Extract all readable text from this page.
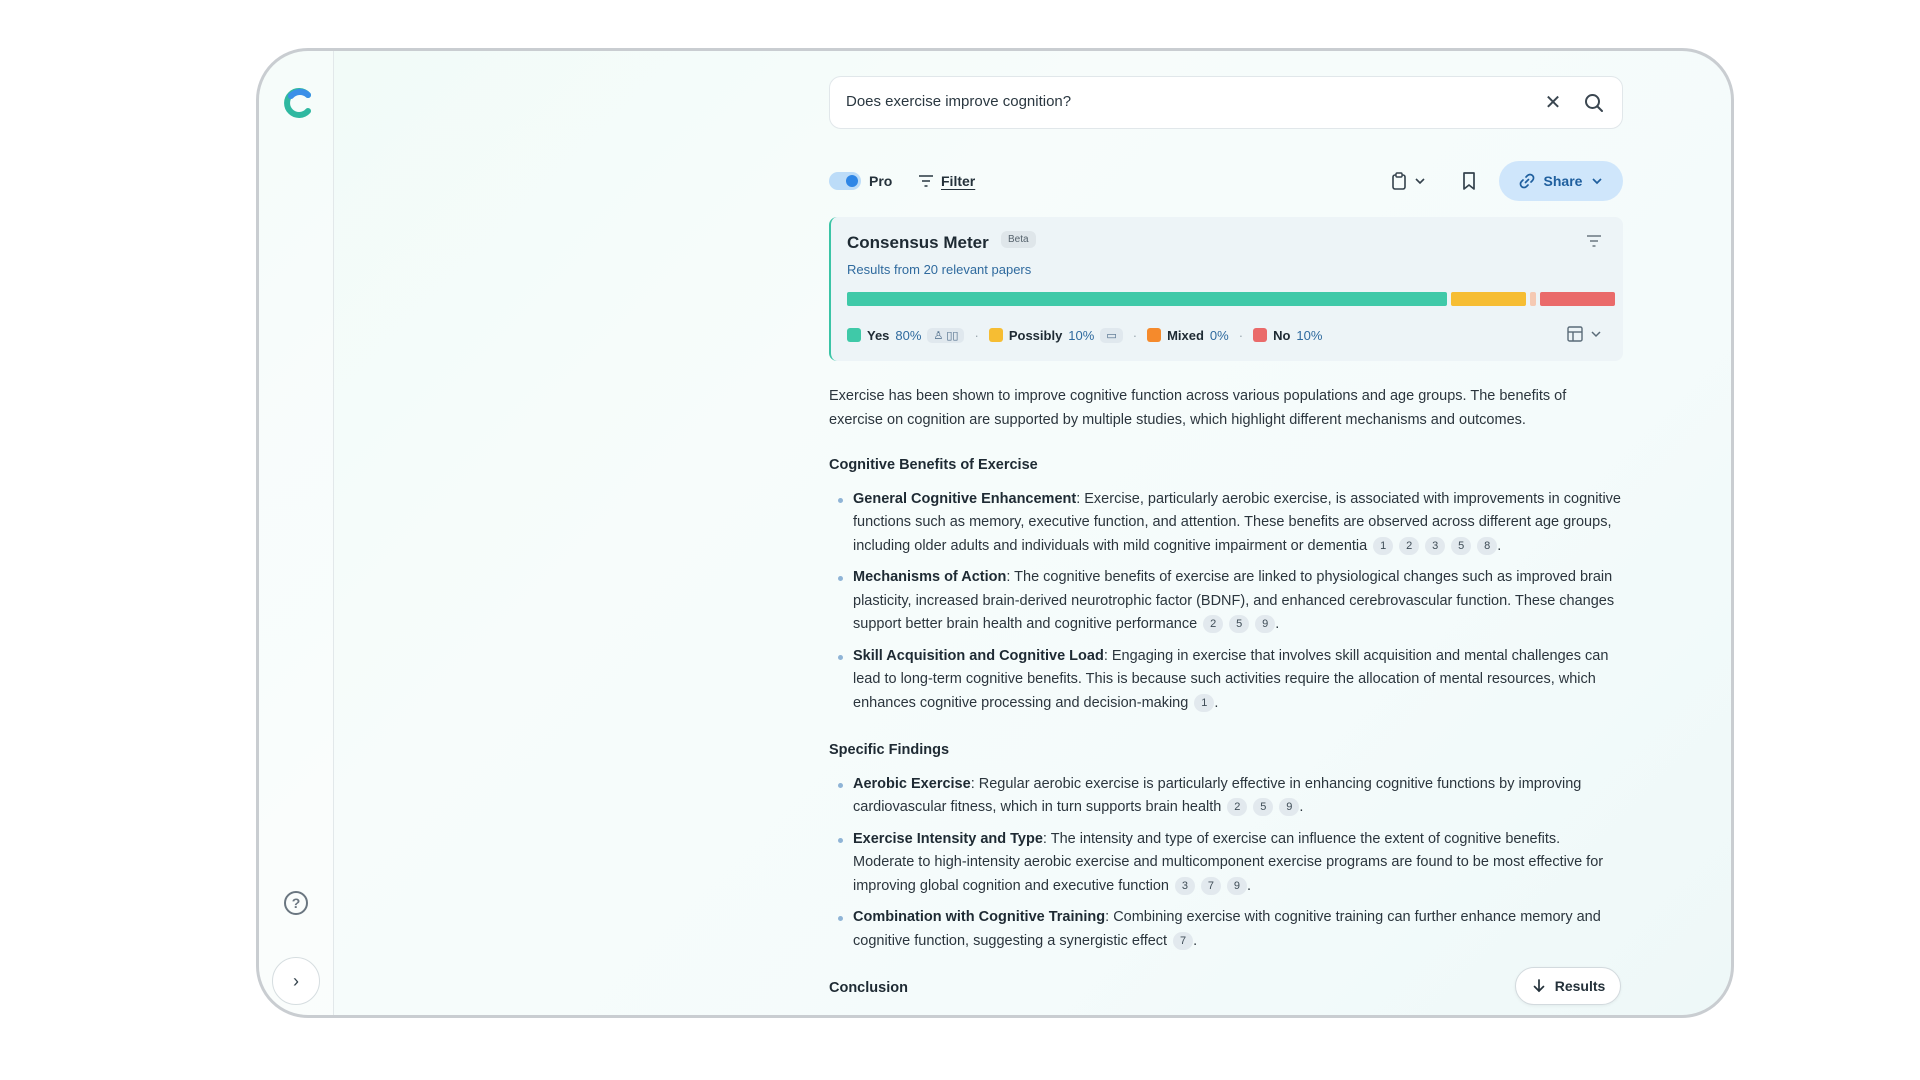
?
›
Does exercise improve cognition?	✕
Pro	Filter	Share
Consensus Meter	Beta
Results from 20 relevant papers
Yes 80%	♙ ▯▯	· Possibly 10%	▭	· Mixed 0% · No 10%

Exercise has been shown to improve cognitive function across various populations and age groups. The benefits of exercise on cognition are supported by multiple studies, which highlight different mechanisms and outcomes.

Cognitive Benefits of Exercise
General Cognitive Enhancement: Exercise, particularly aerobic exercise, is associated with improvements in cognitive functions such as memory, executive function, and attention. These benefits are observed across different age groups, including older adults and individuals with mild cognitive impairment or dementia 1 2 3 5 8 .
Mechanisms of Action: The cognitive benefits of exercise are linked to physiological changes such as improved brain plasticity, increased brain-derived neurotrophic factor (BDNF), and enhanced cerebrovascular function. These changes support better brain health and cognitive performance 2 5 9 .
Skill Acquisition and Cognitive Load: Engaging in exercise that involves skill acquisition and mental challenges can lead to long-term cognitive benefits. This is because such activities require the allocation of mental resources, which enhances cognitive processing and decision-making 1 .
Specific Findings
Aerobic Exercise: Regular aerobic exercise is particularly effective in enhancing cognitive functions by improving cardiovascular fitness, which in turn supports brain health 2 5 9 .
Exercise Intensity and Type: The intensity and type of exercise can influence the extent of cognitive benefits. Moderate to high-intensity aerobic exercise and multicomponent exercise programs are found to be most effective for improving global cognition and executive function 3 7 9 .
Combination with Cognitive Training: Combining exercise with cognitive training can further enhance memory and cognitive function, suggesting a synergistic effect 7 .
Conclusion	Results
